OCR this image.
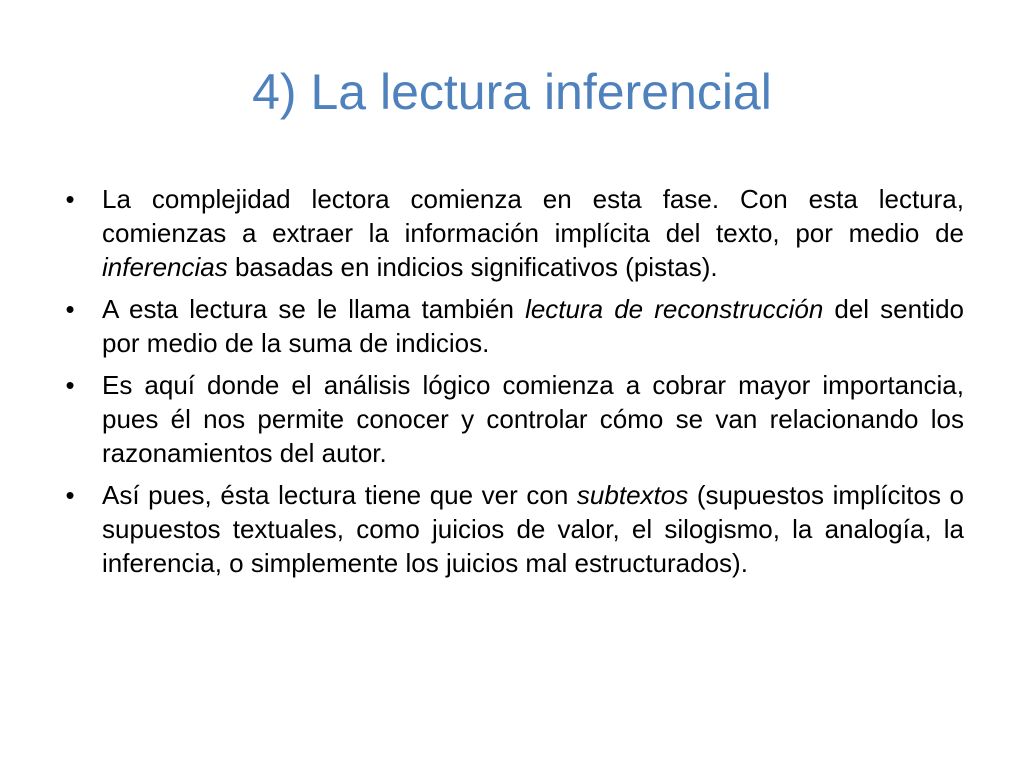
4) La lectura inferencial
• La complejidad lectora comienza en esta fase. Con esta lectura, comienzas a extraer la información implícita del texto, por medio de inferencias basadas en indicios significativos (pistas).
• A esta lectura se le llama también lectura de reconstrucción del sentido por medio de la suma de indicios.
• Es aquí donde el análisis lógico comienza a cobrar mayor importancia, pues él nos permite conocer y controlar cómo se van relacionando los razonamientos del autor.
• Así pues, ésta lectura tiene que ver con subtextos (supuestos implícitos o supuestos textuales, como juicios de valor, el silogismo, la analogía, la inferencia, o simplemente los juicios mal estructurados).
